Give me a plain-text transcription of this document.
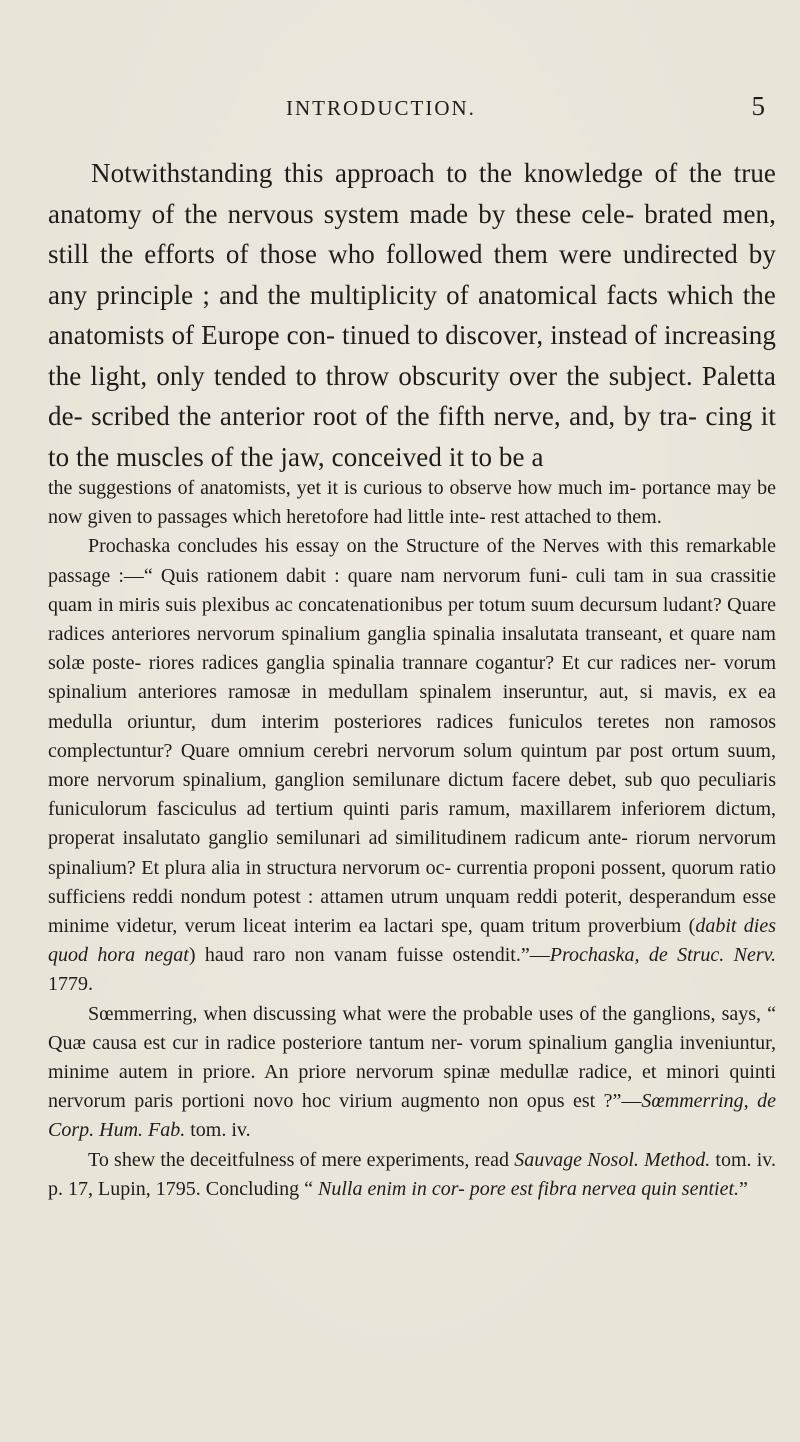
INTRODUCTION.	5

Notwithstanding this approach to the knowledge of the true anatomy of the nervous system made by these cele- brated men, still the efforts of those who followed them were undirected by any principle ; and the multiplicity of anatomical facts which the anatomists of Europe con- tinued to discover, instead of increasing the light, only tended to throw obscurity over the subject. Paletta de- scribed the anterior root of the fifth nerve, and, by tra- cing it to the muscles of the jaw, conceived it to be a

the suggestions of anatomists, yet it is curious to observe how much im- portance may be now given to passages which heretofore had little inte- rest attached to them.

Prochaska concludes his essay on the Structure of the Nerves with this remarkable passage :—“ Quis rationem dabit : quare nam nervorum funi- culi tam in sua crassitie quam in miris suis plexibus ac concatenationibus per totum suum decursum ludant? Quare radices anteriores nervorum spinalium ganglia spinalia insalutata transeant, et quare nam solæ poste- riores radices ganglia spinalia trannare cogantur? Et cur radices ner- vorum spinalium anteriores ramosæ in medullam spinalem inseruntur, aut, si mavis, ex ea medulla oriuntur, dum interim posteriores radices funiculos teretes non ramosos complectuntur? Quare omnium cerebri nervorum solum quintum par post ortum suum, more nervorum spinalium, ganglion semilunare dictum facere debet, sub quo peculiaris funiculorum fasciculus ad tertium quinti paris ramum, maxillarem inferiorem dictum, properat insalutato ganglio semilunari ad similitudinem radicum ante- riorum nervorum spinalium? Et plura alia in structura nervorum oc- currentia proponi possent, quorum ratio sufficiens reddi nondum potest : attamen utrum unquam reddi poterit, desperandum esse minime videtur, verum liceat interim ea lactari spe, quam tritum proverbium (dabit dies quod hora negat) haud raro non vanam fuisse ostendit.”—Prochaska, de Struc. Nerv. 1779.

Sœmmerring, when discussing what were the probable uses of the ganglions, says, “ Quæ causa est cur in radice posteriore tantum ner- vorum spinalium ganglia inveniuntur, minime autem in priore. An priore nervorum spinæ medullæ radice, et minori quinti nervorum paris portioni novo hoc virium augmento non opus est ?”—Sœmmerring, de Corp. Hum. Fab. tom. iv.

To shew the deceitfulness of mere experiments, read Sauvage Nosol. Method. tom. iv. p. 17, Lupin, 1795. Concluding “ Nulla enim in cor- pore est fibra nervea quin sentiet.”
